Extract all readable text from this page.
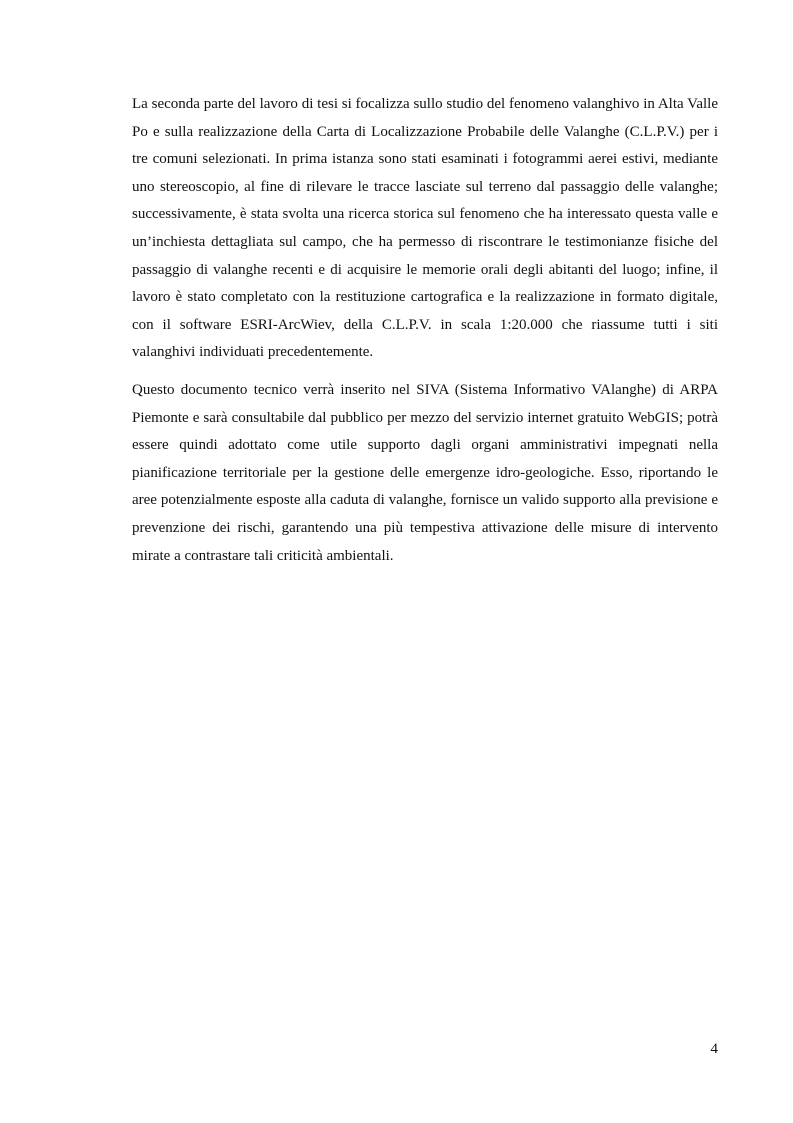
La seconda parte del lavoro di tesi si focalizza sullo studio del fenomeno valanghivo in Alta Valle Po e sulla realizzazione della Carta di Localizzazione Probabile delle Valanghe (C.L.P.V.) per i tre comuni selezionati. In prima istanza sono stati esaminati i fotogrammi aerei estivi, mediante uno stereoscopio, al fine di rilevare le tracce lasciate sul terreno dal passaggio delle valanghe; successivamente, è stata svolta una ricerca storica sul fenomeno che ha interessato questa valle e un’inchiesta dettagliata sul campo, che ha permesso di riscontrare le testimonianze fisiche del passaggio di valanghe recenti e di acquisire le memorie orali degli abitanti del luogo; infine, il lavoro è stato completato con la restituzione cartografica e la realizzazione in formato digitale, con il software ESRI-ArcWiev, della C.L.P.V. in scala 1:20.000 che riassume tutti i siti valanghivi individuati precedentemente.

Questo documento tecnico verrà inserito nel SIVA (Sistema Informativo VAlanghe) di ARPA Piemonte e sarà consultabile dal pubblico per mezzo del servizio internet gratuito WebGIS; potrà essere quindi adottato come utile supporto dagli organi amministrativi impegnati nella pianificazione territoriale per la gestione delle emergenze idro-geologiche. Esso, riportando le aree potenzialmente esposte alla caduta di valanghe, fornisce un valido supporto alla previsione e prevenzione dei rischi, garantendo una più tempestiva attivazione delle misure di intervento mirate a contrastare tali criticità ambientali.

4
